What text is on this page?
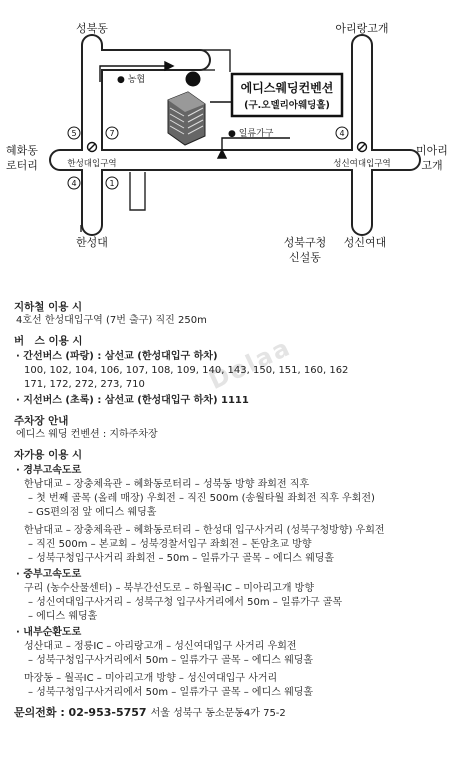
P
에디스웨딩컨벤션
(구.오델리아웨딩홀)
● 농협
● 일류가구
한성대입구역	성신여대입구역
5	7
4	1
4
성북동	아리랑고개
혜화동
로터리
미아리
고개
한성대	성북구청
신설동
성신여대
Dolaa
지하철 이용 시
4호선 한성대입구역 (7번 출구) 직진 250m
버　스 이용 시
· 간선버스 (파랑) : 삼선교 (한성대입구 하차)
100, 102, 104, 106, 107, 108, 109, 140, 143, 150, 151, 160, 162
171, 172, 272, 273, 710
· 지선버스 (초록) : 삼선교 (한성대입구 하차) 1111
주차장 안내
에디스 웨딩 컨벤션 : 지하주차장
자가용 이용 시
· 경부고속도로
한남대교 – 장충체육관 – 혜화동로터리 – 성북동 방향 좌회전 직후
– 첫 번째 골목 (올레 매장) 우회전 – 직진 500m (송월타월 좌회전 직후 우회전)
– GS편의점 앞 에디스 웨딩홀
한남대교 – 장충체육관 – 혜화동로터리 – 한성대 입구사거리 (성북구청방향) 우회전
– 직진 500m – 본교회 – 성북경찰서입구 좌회전 – 돈암초교 방향
– 성북구청입구사거리 좌회전 – 50m – 일류가구 골목 – 에디스 웨딩홀
· 중부고속도로
구리 (농수산물센터) – 북부간선도로 – 하월곡IC – 미아리고개 방향
– 성신여대입구사거리 – 성북구청 입구사거리에서 50m – 일류가구 골목
– 에디스 웨딩홀
· 내부순환도로
성산대교 – 정릉IC – 아리랑고개 – 성신여대입구 사거리 우회전
– 성북구청입구사거리에서 50m – 일류가구 골목 – 에디스 웨딩홀
마장동 – 월곡IC – 미아리고개 방향 – 성신여대입구 사거리
– 성북구청입구사거리에서 50m – 일류가구 골목 – 에디스 웨딩홀
문의전화 : 02-953-5757 서울 성북구 동소문동4가 75-2
